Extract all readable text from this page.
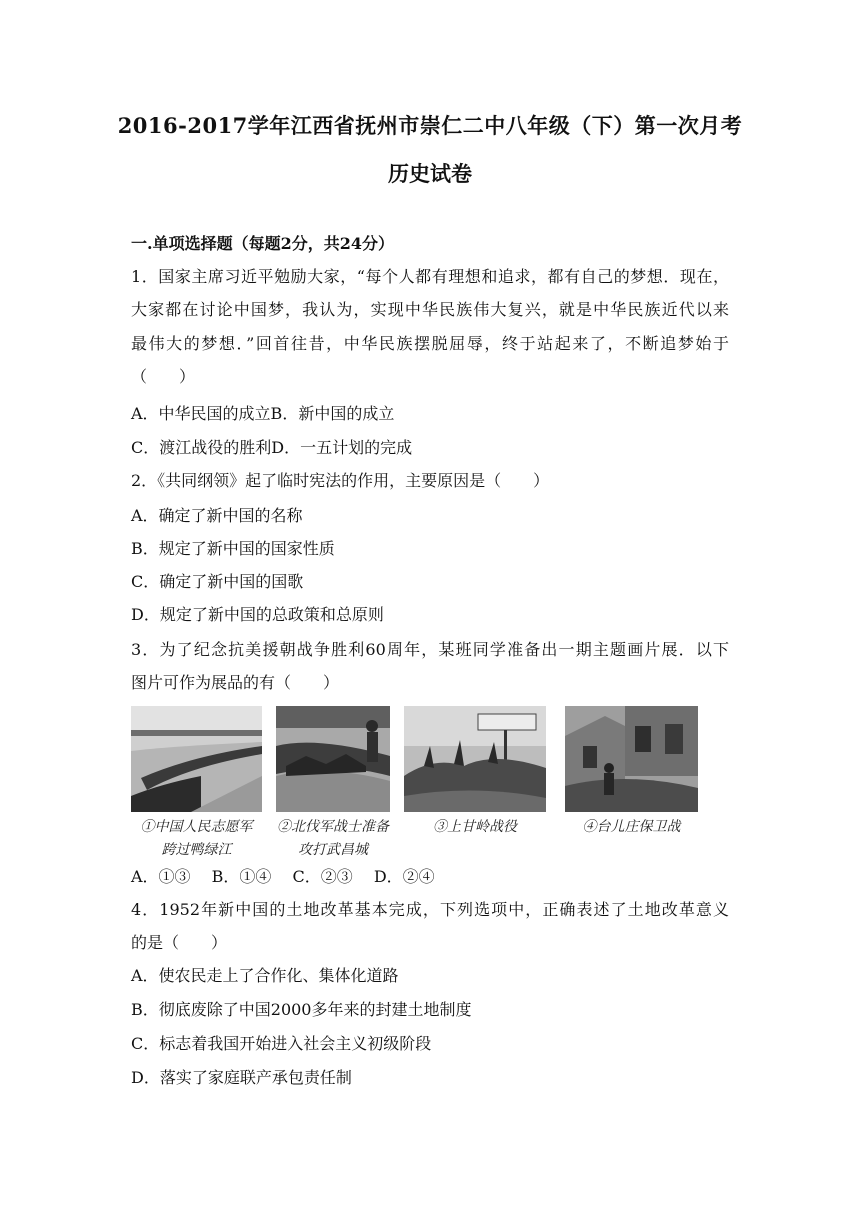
2016-2017学年江西省抚州市崇仁二中八年级（下）第一次月考
历史试卷
一.单项选择题（每题2分，共24分）
1．国家主席习近平勉励大家，“每个人都有理想和追求，都有自己的梦想．现在，
大家都在讨论中国梦，我认为，实现中华民族伟大复兴，就是中华民族近代以来
最伟大的梦想．”回首往昔，中华民族摆脱屈辱，终于站起来了，不断追梦始于
（　　）
A．中华民国的成立B．新中国的成立
C．渡江战役的胜利D．一五计划的完成
2．《共同纲领》起了临时宪法的作用，主要原因是（　　）
A．确定了新中国的名称
B．规定了新中国的国家性质
C．确定了新中国的国歌
D．规定了新中国的总政策和总原则
3．为了纪念抗美援朝战争胜利60周年，某班同学准备出一期主题画片展．以下
图片可作为展品的有（　　）
①中国人民志愿军
跨过鸭绿江
②北伐军战士准备
攻打武昌城
③上甘岭战役	④台儿庄保卫战
A．①③　 B．①④　 C．②③　 D．②④
4．1952年新中国的土地改革基本完成，下列选项中，正确表述了土地改革意义
的是（　　）
A．使农民走上了合作化、集体化道路
B．彻底废除了中国2000多年来的封建土地制度
C．标志着我国开始进入社会主义初级阶段
D．落实了家庭联产承包责任制
